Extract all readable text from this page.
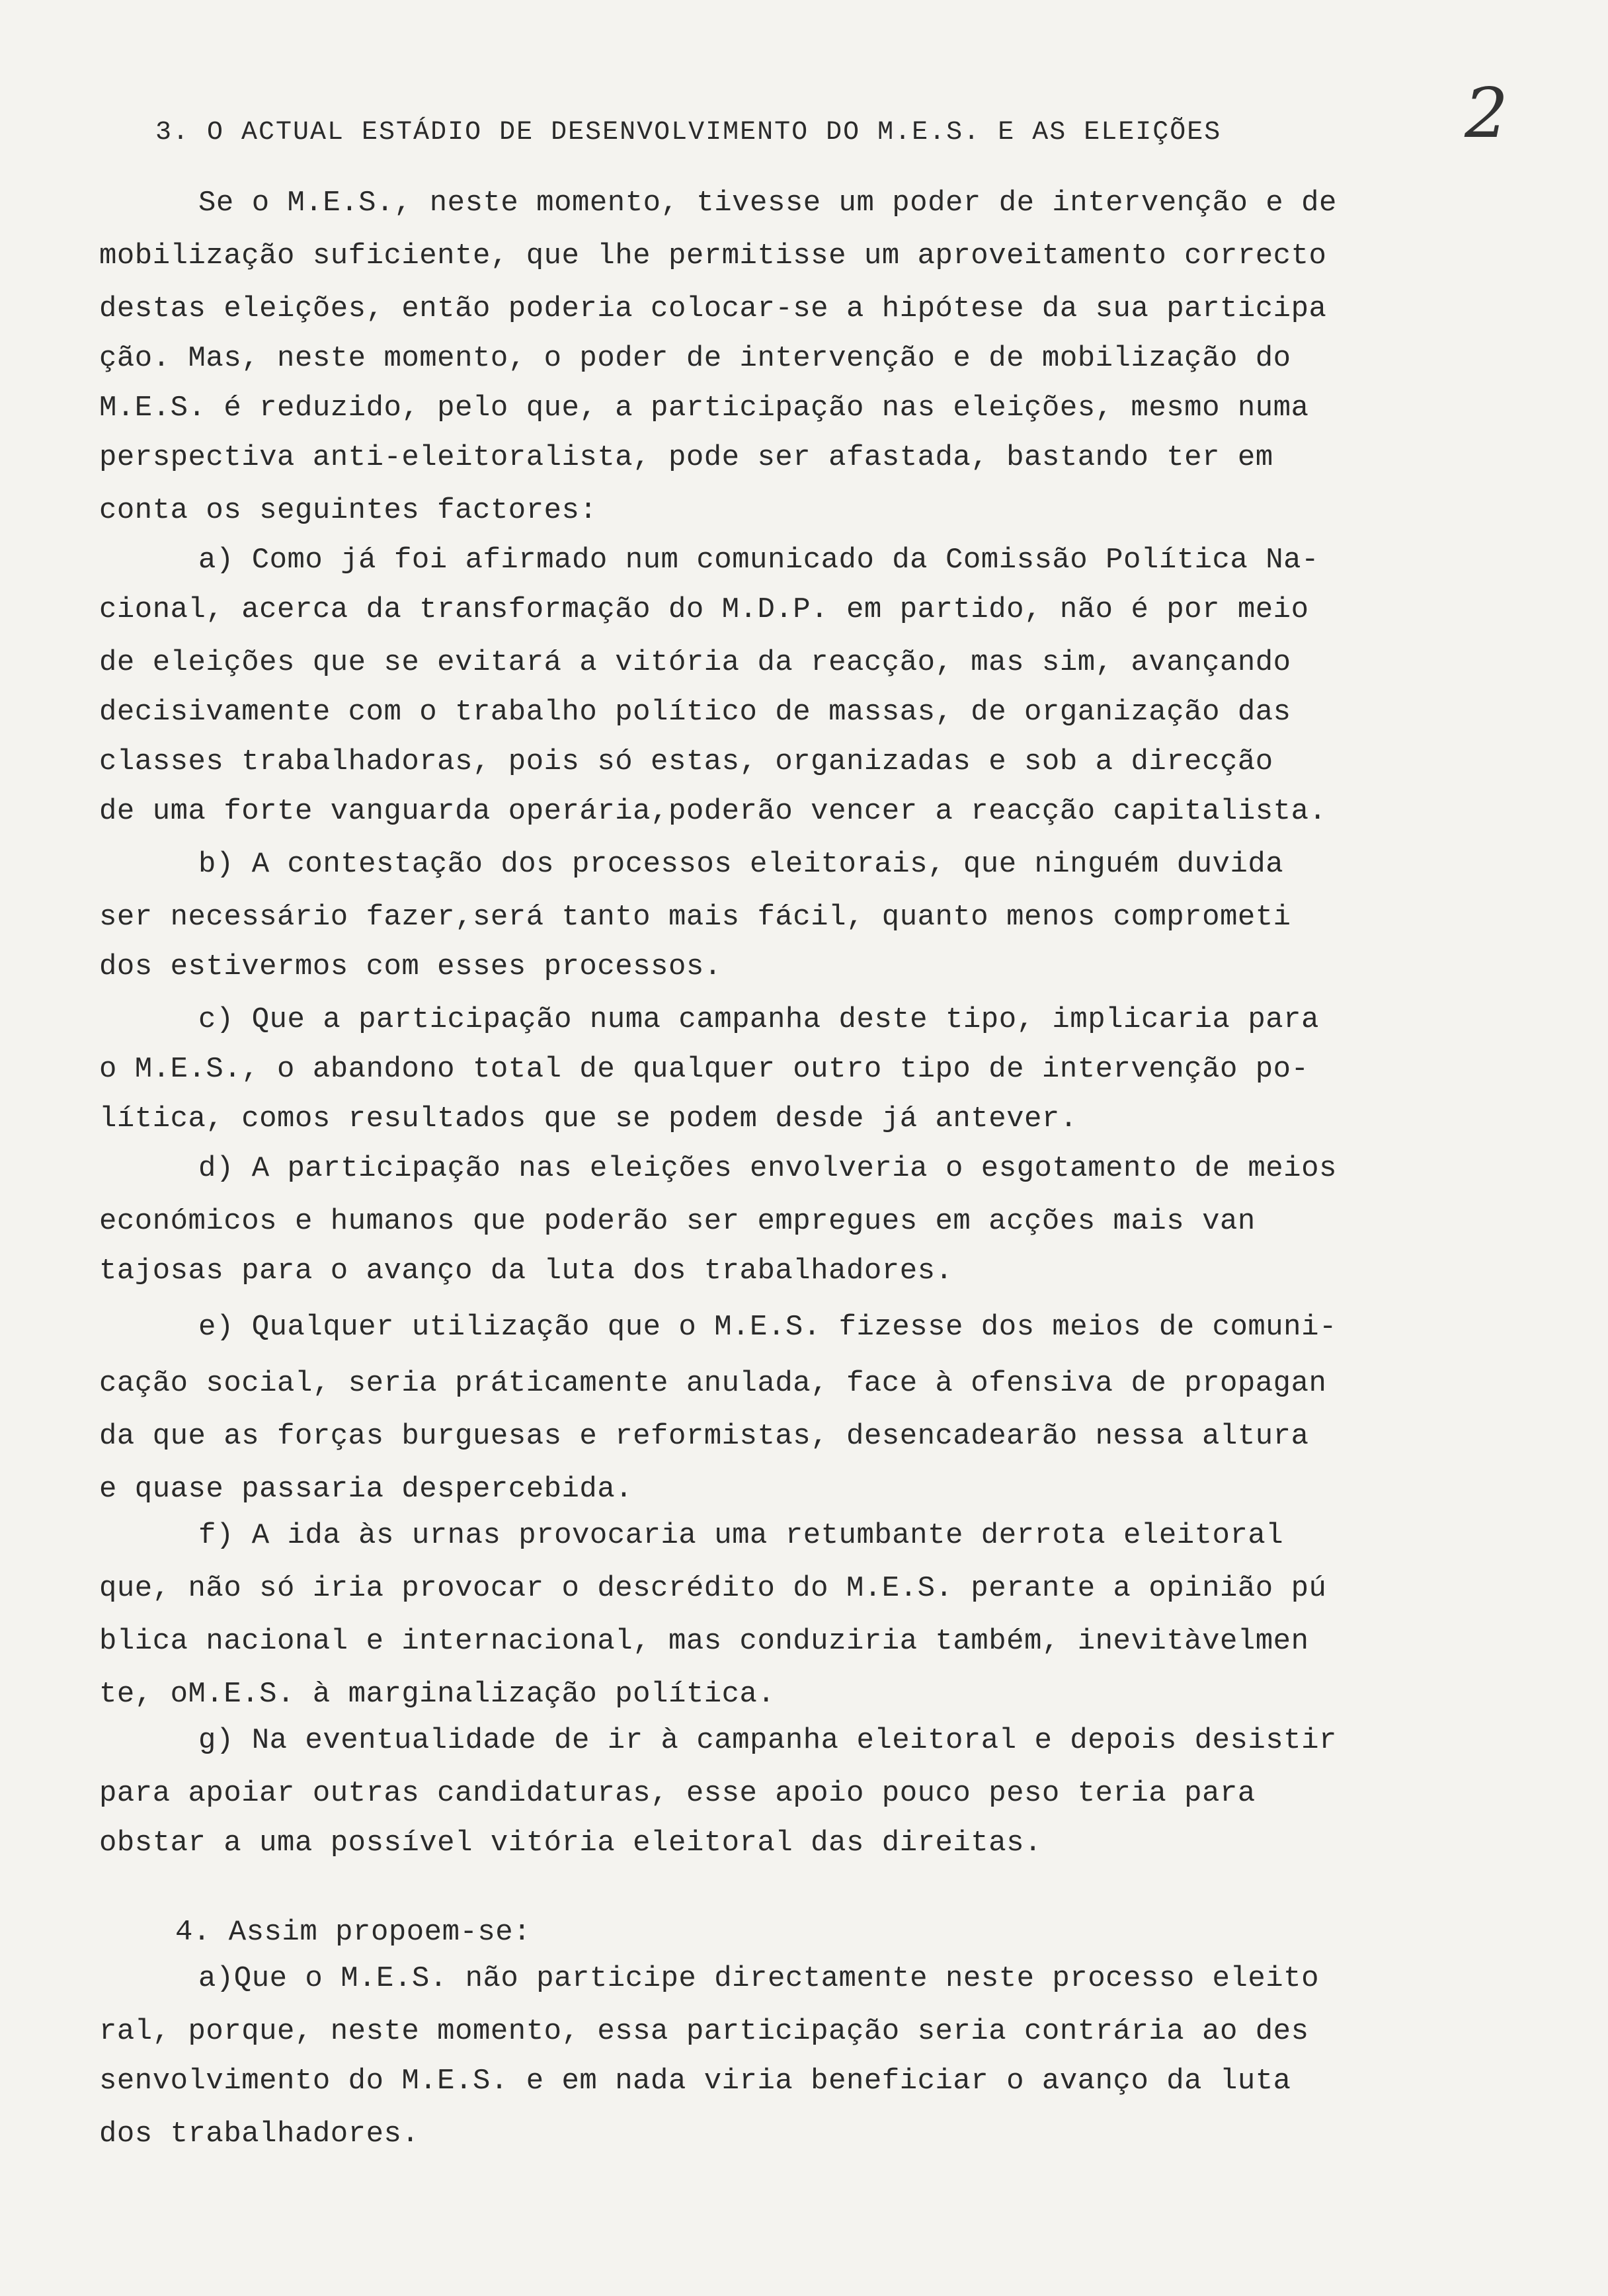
2
3. O ACTUAL ESTÁDIO DE DESENVOLVIMENTO DO M.E.S. E AS ELEIÇÕES
Se o M.E.S., neste momento, tivesse um poder de intervenção e de
mobilização suficiente, que lhe permitisse um aproveitamento correcto
destas eleições, então poderia colocar-se a hipótese da sua participa
ção. Mas, neste momento, o poder de intervenção e de mobilização do
M.E.S. é reduzido, pelo que, a participação nas eleições, mesmo numa
perspectiva anti-eleitoralista, pode ser afastada, bastando ter em
conta os seguintes factores:
a) Como já foi afirmado num comunicado da Comissão Política Na-
cional, acerca da transformação do M.D.P. em partido, não é por meio
de eleições que se evitará a vitória da reacção, mas sim, avançando
decisivamente com o trabalho político de massas, de organização das
classes trabalhadoras, pois só estas, organizadas e sob a direcção
de uma forte vanguarda operária,poderão vencer a reacção capitalista.
b) A contestação dos processos eleitorais, que ninguém duvida
ser necessário fazer,será tanto mais fácil, quanto menos comprometi
dos estivermos com esses processos.
c) Que a participação numa campanha deste tipo, implicaria para
o M.E.S., o abandono total de qualquer outro tipo de intervenção po-
lítica, comos resultados que se podem desde já antever.
d) A participação nas eleições envolveria o esgotamento de meios
económicos e humanos que poderão ser empregues em acções mais van
tajosas para o avanço da luta dos trabalhadores.
e) Qualquer utilização que o M.E.S. fizesse dos meios de comuni-
cação social, seria práticamente anulada, face à ofensiva de propagan
da que as forças burguesas e reformistas, desencadearão nessa altura
e quase passaria despercebida.
f) A ida às urnas provocaria uma retumbante derrota eleitoral
que, não só iria provocar o descrédito do M.E.S. perante a opinião pú
blica nacional e internacional, mas conduziria também, inevitàvelmen
te, oM.E.S. à marginalização política.
g) Na eventualidade de ir à campanha eleitoral e depois desistir
para apoiar outras candidaturas, esse apoio pouco peso teria para
obstar a uma possível vitória eleitoral das direitas.
4. Assim propoem-se:
a)Que o M.E.S. não participe directamente neste processo eleito
ral, porque, neste momento, essa participação seria contrária ao des
senvolvimento do M.E.S. e em nada viria beneficiar o avanço da luta
dos trabalhadores.
